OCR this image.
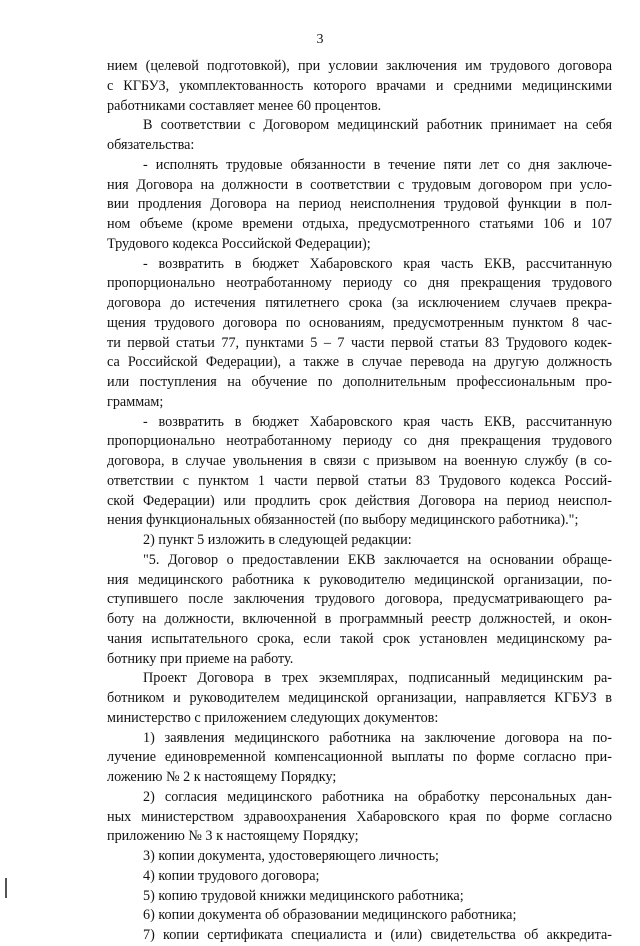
3
нием (целевой подготовкой), при условии заключения им трудового договора
с КГБУЗ, укомплектованность которого врачами и средними медицинскими
работниками составляет менее 60 процентов.
В соответствии с Договором медицинский работник принимает на себя
обязательства:
- исполнять трудовые обязанности в течение пяти лет со дня заключе-
ния Договора на должности в соответствии с трудовым договором при усло-
вии продления Договора на период неисполнения трудовой функции в пол-
ном объеме (кроме времени отдыха, предусмотренного статьями 106 и 107
Трудового кодекса Российской Федерации);
- возвратить в бюджет Хабаровского края часть ЕКВ, рассчитанную
пропорционально неотработанному периоду со дня прекращения трудового
договора до истечения пятилетнего срока (за исключением случаев прекра-
щения трудового договора по основаниям, предусмотренным пунктом 8 час-
ти первой статьи 77, пунктами 5 – 7 части первой статьи 83 Трудового кодек-
са Российской Федерации), а также в случае перевода на другую должность
или поступления на обучение по дополнительным профессиональным про-
граммам;
- возвратить в бюджет Хабаровского края часть ЕКВ, рассчитанную
пропорционально неотработанному периоду со дня прекращения трудового
договора, в случае увольнения в связи с призывом на военную службу (в со-
ответствии с пунктом 1 части первой статьи 83 Трудового кодекса Россий-
ской Федерации) или продлить срок действия Договора на период неиспол-
нения функциональных обязанностей (по выбору медицинского работника).";
2) пункт 5 изложить в следующей редакции:
"5. Договор о предоставлении ЕКВ заключается на основании обраще-
ния медицинского работника к руководителю медицинской организации, по-
ступившего после заключения трудового договора, предусматривающего ра-
боту на должности, включенной в программный реестр должностей, и окон-
чания испытательного срока, если такой срок установлен медицинскому ра-
ботнику при приеме на работу.
Проект Договора в трех экземплярах, подписанный медицинским ра-
ботником и руководителем медицинской организации, направляется КГБУЗ в
министерство с приложением следующих документов:
1) заявления медицинского работника на заключение договора на по-
лучение единовременной компенсационной выплаты по форме согласно при-
ложению № 2 к настоящему Порядку;
2) согласия медицинского работника на обработку персональных дан-
ных министерством здравоохранения Хабаровского края по форме согласно
приложению № 3 к настоящему Порядку;
3) копии документа, удостоверяющего личность;
4) копии трудового договора;
5) копию трудовой книжки медицинского работника;
6) копии документа об образовании медицинского работника;
7) копии сертификата специалиста и (или) свидетельства об аккредита-
